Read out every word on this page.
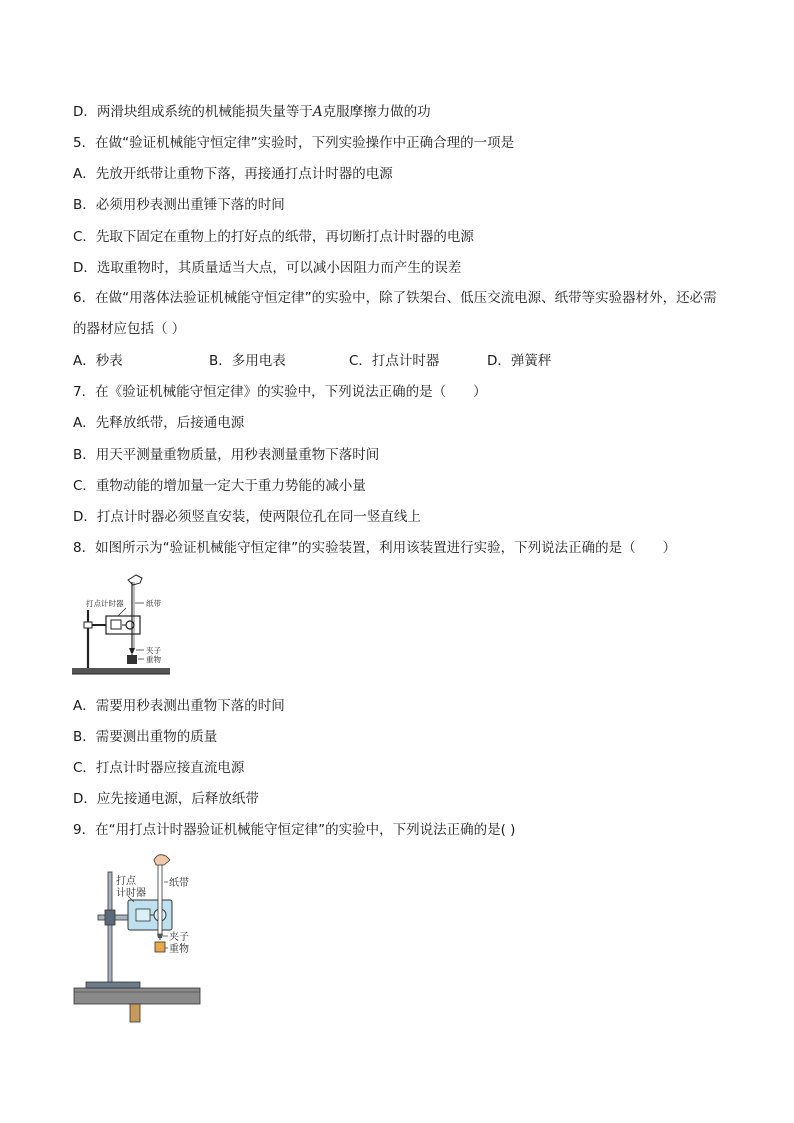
D．两滑块组成系统的机械能损失量等于A克服摩擦力做的功
5．在做“验证机械能守恒定律”实验时，下列实验操作中正确合理的一项是
A．先放开纸带让重物下落，再接通打点计时器的电源
B．必须用秒表测出重锤下落的时间
C．先取下固定在重物上的打好点的纸带，再切断打点计时器的电源
D．选取重物时，其质量适当大点，可以减小因阻力而产生的误差
6．在做“用落体法验证机械能守恒定律”的实验中，除了铁架台、低压交流电源、纸带等实验器材外，还必需的器材应包括（ ）
A．秒表	B．多用电表	C．打点计时器	D．弹簧秤
7．在《验证机械能守恒定律》的实验中，下列说法正确的是（　　）
A．先释放纸带，后接通电源
B．用天平测量重物质量，用秒表测量重物下落时间
C．重物动能的增加量一定大于重力势能的减小量
D．打点计时器必须竖直安装，使两限位孔在同一竖直线上
8．如图所示为“验证机械能守恒定律”的实验装置，利用该装置进行实验，下列说法正确的是（　　）
打点计时器	纸带
夹子
重物
A．需要用秒表测出重物下落的时间
B．需要测出重物的质量
C．打点计时器应接直流电源
D．应先接通电源，后释放纸带
9．在“用打点计时器验证机械能守恒定律”的实验中，下列说法正确的是( )
打点
计时器
纸带
夹子
重物
